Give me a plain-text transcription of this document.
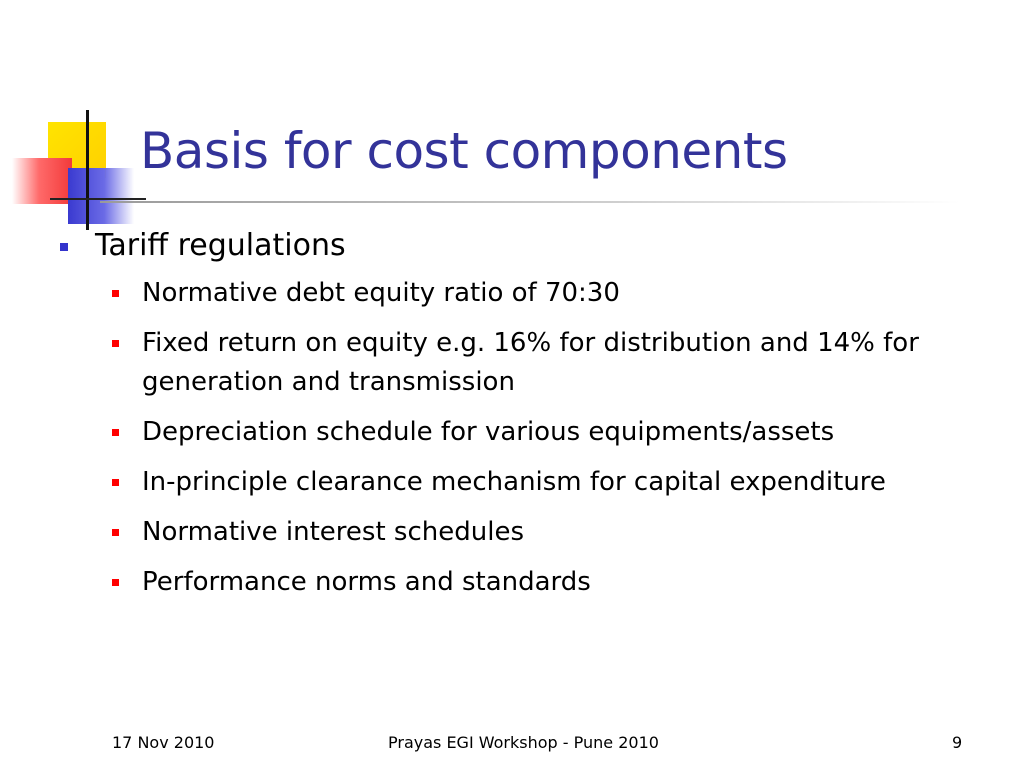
Basis for cost components
Tariff regulations
Normative debt equity ratio of 70:30
Fixed return on equity e.g. 16% for distribution and 14% for generation and transmission
Depreciation schedule for various equipments/assets
In-principle clearance mechanism for capital expenditure
Normative interest schedules
Performance norms and standards
17 Nov 2010	Prayas EGI Workshop - Pune 2010	9
